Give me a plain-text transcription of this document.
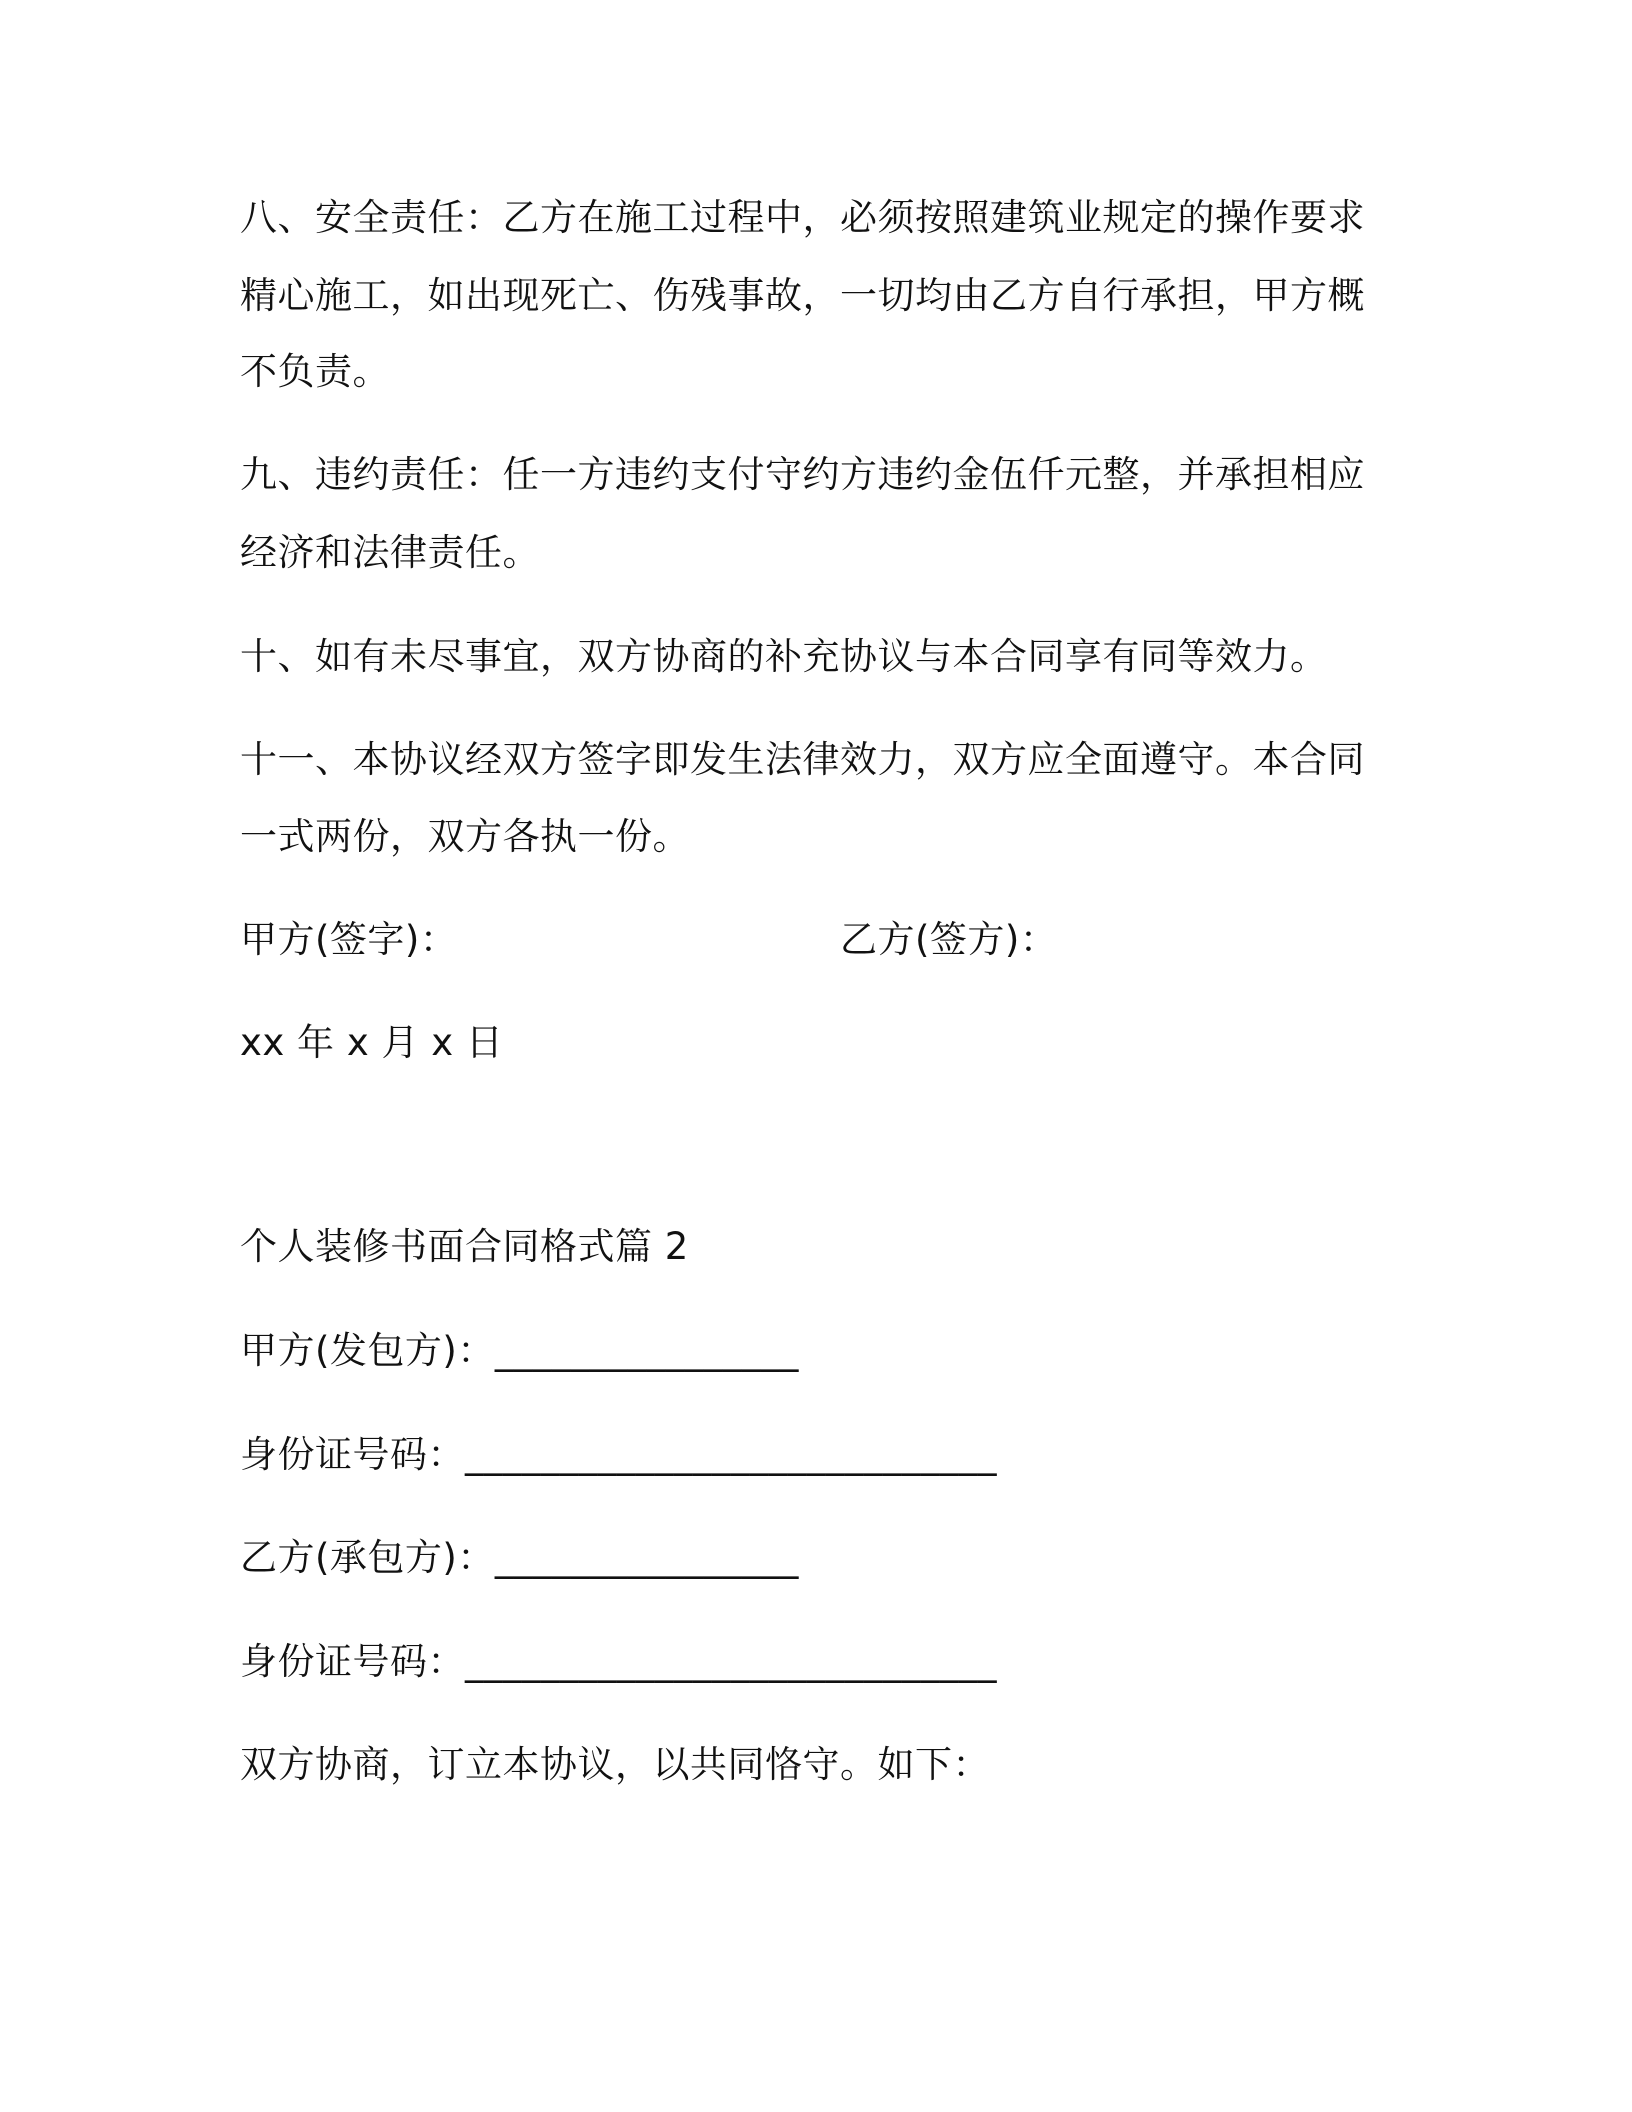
八、安全责任：乙方在施工过程中，必须按照建筑业规定的操作要求
精心施工，如出现死亡、伤残事故，一切均由乙方自行承担，甲方概
不负责。
九、违约责任：任一方违约支付守约方违约金伍仟元整，并承担相应
经济和法律责任。
十、如有未尽事宜，双方协商的补充协议与本合同享有同等效力。
十一、本协议经双方签字即发生法律效力，双方应全面遵守。本合同
一式两份，双方各执一份。
甲方(签字)：	乙方(签方)：
xx 年 x 月 x 日
个人装修书面合同格式篇 2
甲方(发包方)：________________
身份证号码：____________________________
乙方(承包方)：________________
身份证号码：____________________________
双方协商，订立本协议，以共同恪守。如下：
